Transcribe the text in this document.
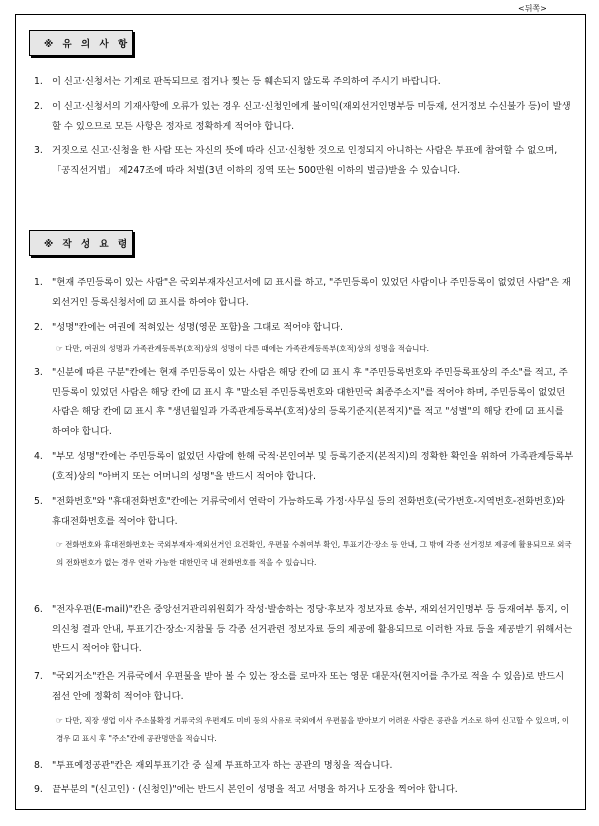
<뒤쪽>
※ 유 의 사 항
1. 이 신고·신청서는 기계로 판독되므로 접거나 찢는 등 훼손되지 않도록 주의하여 주시기 바랍니다.
2. 이 신고·신청서의 기재사항에 오류가 있는 경우 신고·신청인에게 불이익(재외선거인명부등 미등재, 선거정보 수신불가 등)이 발생할 수 있으므로 모든 사항은 정자로 정확하게 적어야 합니다.
3. 거짓으로 신고·신청을 한 사람 또는 자신의 뜻에 따라 신고·신청한 것으로 인정되지 아니하는 사람은 투표에 참여할 수 없으며, 「공직선거법」 제247조에 따라 처벌(3년 이하의 징역 또는 500만원 이하의 벌금)받을 수 있습니다.
※ 작 성 요 령
1. "현재 주민등록이 있는 사람"은 국외부재자신고서에 ☑ 표시를 하고, "주민등록이 있었던 사람이나 주민등록이 없었던 사람"은 재외선거인 등록신청서에 ☑ 표시를 하여야 합니다.
2. "성명"칸에는 여권에 적혀있는 성명(영문 포함)을 그대로 적어야 합니다.
☞ 다만, 여권의 성명과 가족관계등록부(호적)상의 성명이 다른 때에는 가족관계등록부(호적)상의 성명을 적습니다.
3. "신분에 따른 구분"칸에는 현재 주민등록이 있는 사람은 해당 칸에 ☑ 표시 후 "주민등록번호와 주민등록표상의 주소"를 적고, 주민등록이 있었던 사람은 해당 칸에 ☑ 표시 후 "말소된 주민등록번호와 대한민국 최종주소지"를 적어야 하며, 주민등록이 없었던 사람은 해당 칸에 ☑ 표시 후 "생년월일과 가족관계등록부(호적)상의 등록기준지(본적지)"를 적고 "성별"의 해당 칸에 ☑ 표시를 하여야 합니다.
4. "부모 성명"칸에는 주민등록이 없었던 사람에 한해 국적·본인여부 및 등록기준지(본적지)의 정확한 확인을 위하여 가족관계등록부(호적)상의 "아버지 또는 어머니의 성명"을 반드시 적어야 합니다.
5. "전화번호"와 "휴대전화번호"칸에는 거류국에서 연락이 가능하도록 가정·사무실 등의 전화번호(국가번호-지역번호-전화번호)와 휴대전화번호를 적어야 합니다.
☞ 전화번호와 휴대전화번호는 국외부재자·재외선거인 요건확인, 우편물 수취여부 확인, 투표기간·장소 등 안내, 그 밖에 각종 선거정보 제공에 활용되므로 외국의 전화번호가 없는 경우 연락 가능한 대한민국 내 전화번호를 적을 수 있습니다.
6. "전자우편(E-mail)"칸은 중앙선거관리위원회가 작성·발송하는 정당·후보자 정보자료 송부, 재외선거인명부 등 등재여부 통지, 이의신청 결과 안내, 투표기간·장소·지참물 등 각종 선거관련 정보자료 등의 제공에 활용되므로 이러한 자료 등을 제공받기 위해서는 반드시 적어야 합니다.
7. "국외거소"칸은 거류국에서 우편물을 받아 볼 수 있는 장소를 로마자 또는 영문 대문자(현지어를 추가로 적을 수 있음)로 반드시 점선 안에 정확히 적어야 합니다.
☞ 다만, 직장 생업 이사 주소불확정 거류국의 우편제도 미비 등의 사유로 국외에서 우편물을 받아보기 어려운 사람은 공관을 거소로 하여 신고할 수 있으며, 이 경우 ☑ 표시 후 "주소"칸에 공관명만을 적습니다.
8. "투표예정공관"칸은 재외투표기간 중 실제 투표하고자 하는 공관의 명칭을 적습니다.
9. 끝부분의 "(신고인) · (신청인)"에는 반드시 본인이 성명을 적고 서명을 하거나 도장을 찍어야 합니다.
